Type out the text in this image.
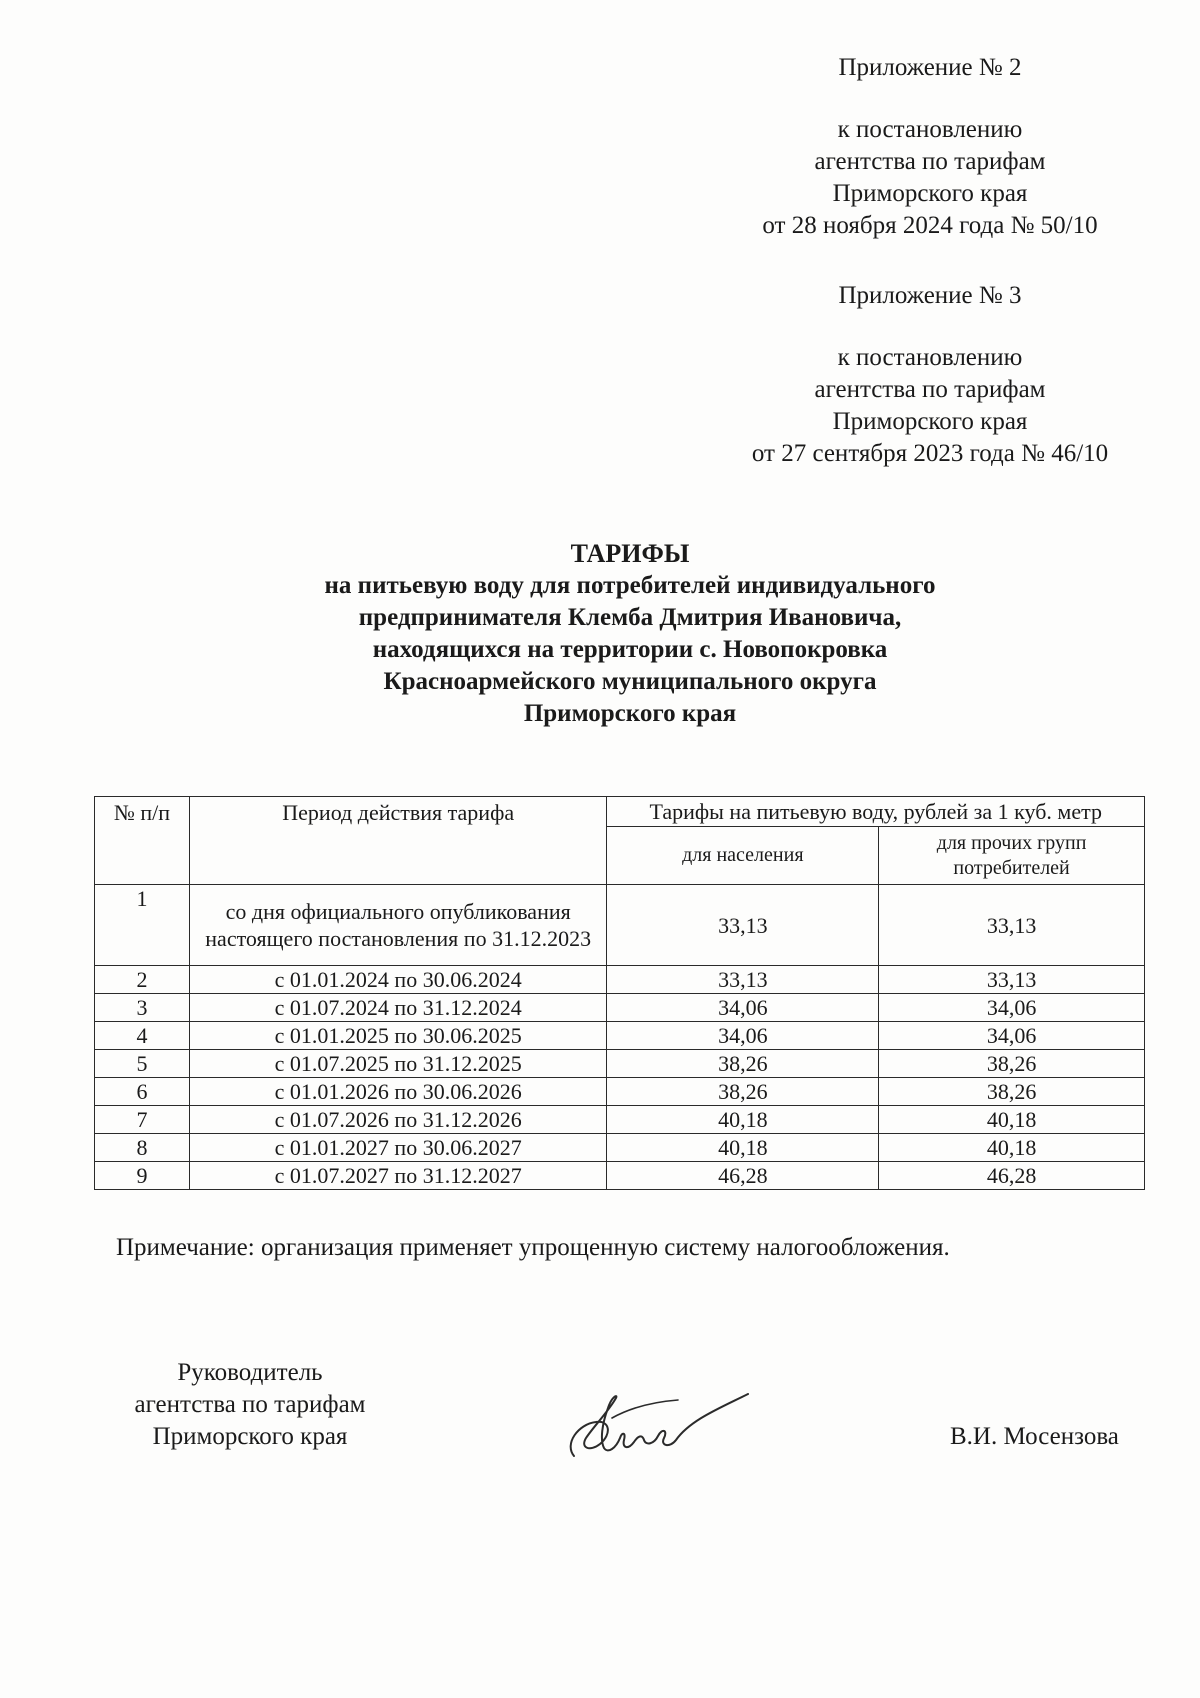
Приложение № 2
к постановлению
агентства по тарифам
Приморского края
от 28 ноября 2024 года № 50/10
Приложение № 3
к постановлению
агентства по тарифам
Приморского края
от 27 сентября 2023 года № 46/10
ТАРИФЫ
на питьевую воду для потребителей индивидуального
предпринимателя Клемба Дмитрия Ивановича,
находящихся на территории с. Новопокровка
Красноармейского муниципального округа
Приморского края
№ п/п	Период действия тарифа	Тарифы на питьевую воду, рублей за 1 куб. метр	
		для населения	для прочих групп потребителей
1	со дня официального опубликования настоящего постановления по 31.12.2023	33,13	33,13
2	с 01.01.2024 по 30.06.2024	33,13	33,13
3	с 01.07.2024 по 31.12.2024	34,06	34,06
4	с 01.01.2025 по 30.06.2025	34,06	34,06
5	с 01.07.2025 по 31.12.2025	38,26	38,26
6	с 01.01.2026 по 30.06.2026	38,26	38,26
7	с 01.07.2026 по 31.12.2026	40,18	40,18
8	с 01.01.2027 по 30.06.2027	40,18	40,18
9	с 01.07.2027 по 31.12.2027	46,28	46,28
Примечание: организация применяет упрощенную систему налогообложения.
Руководитель
агентства по тарифам
Приморского края	В.И. Мосензова
